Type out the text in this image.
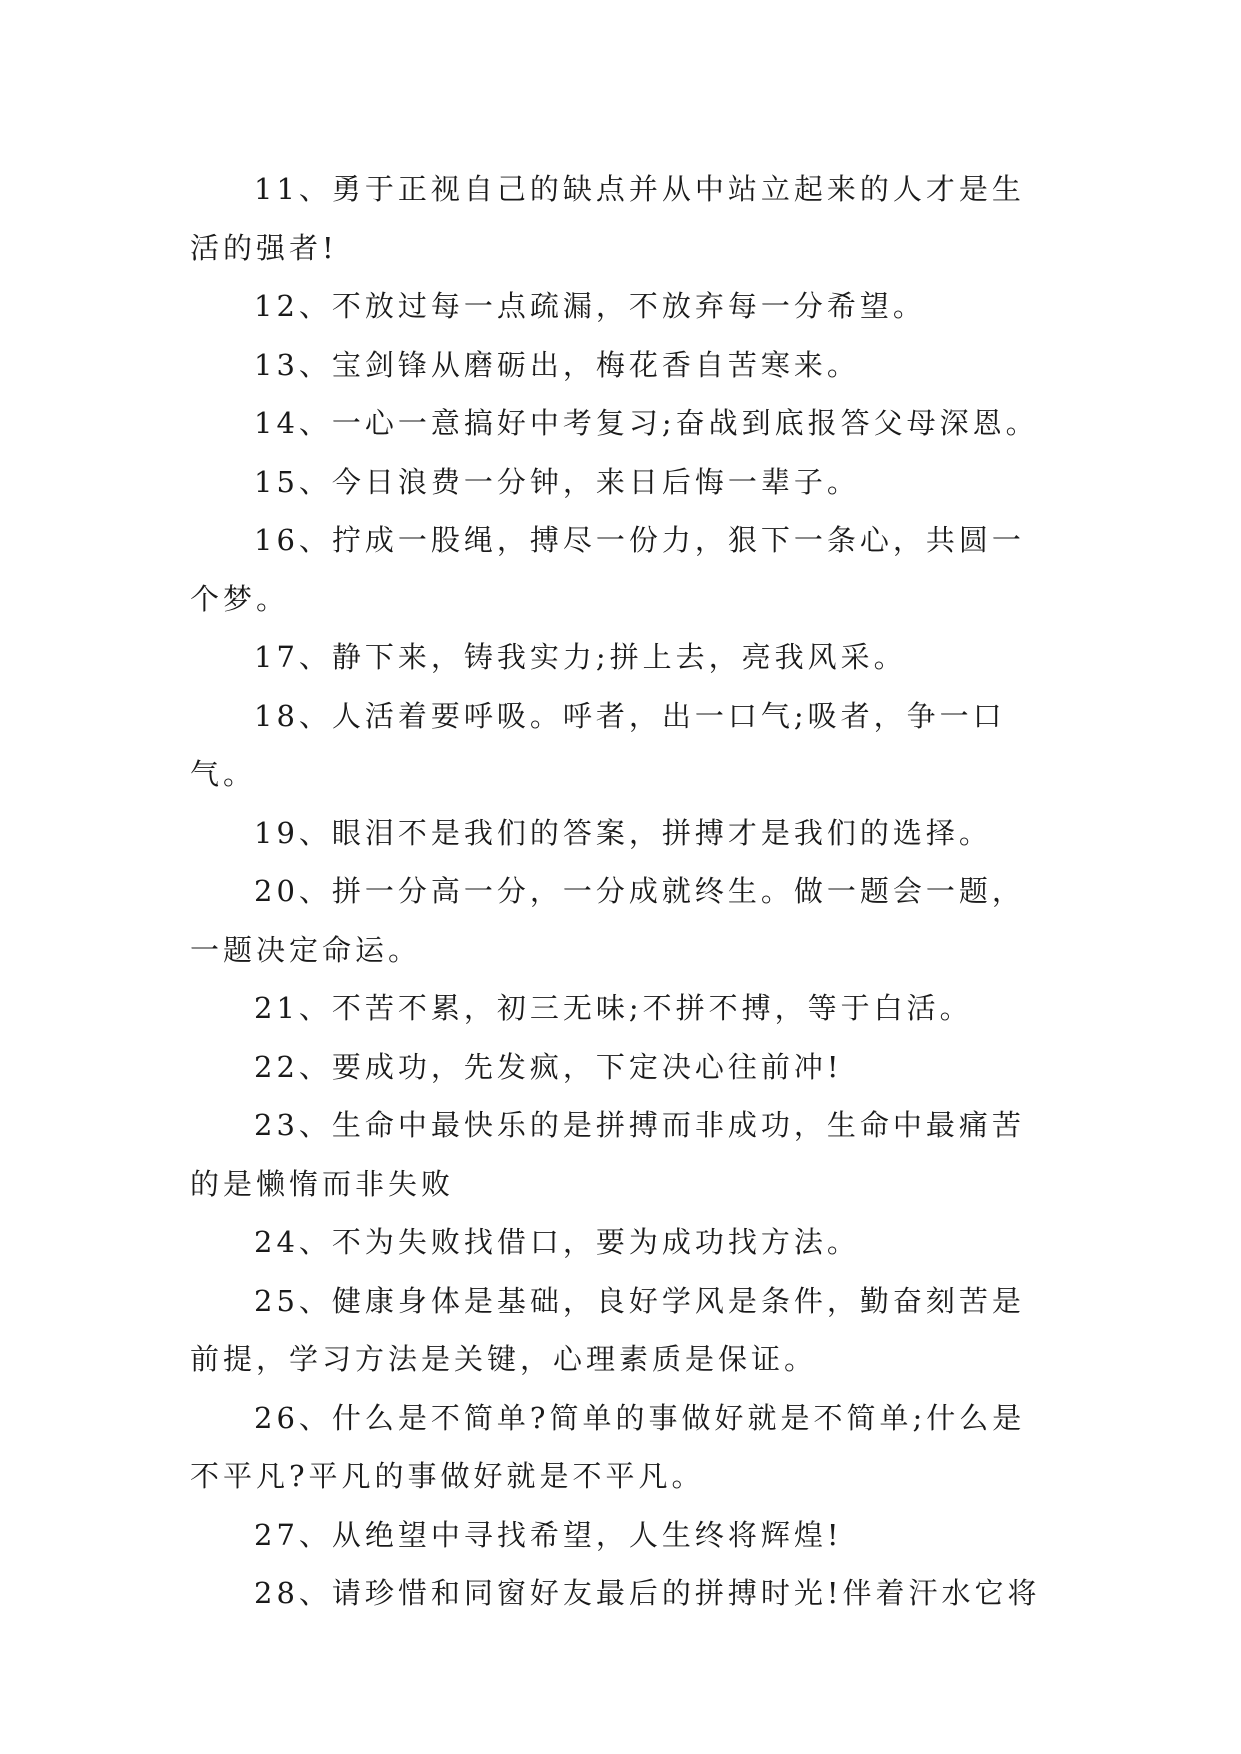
11、勇于正视自己的缺点并从中站立起来的人才是生活的强者!

12、不放过每一点疏漏，不放弃每一分希望。

13、宝剑锋从磨砺出，梅花香自苦寒来。

14、一心一意搞好中考复习;奋战到底报答父母深恩。

15、今日浪费一分钟，来日后悔一辈子。

16、拧成一股绳，搏尽一份力，狠下一条心，共圆一个梦。

17、静下来，铸我实力;拼上去，亮我风采。

18、人活着要呼吸。呼者，出一口气;吸者，争一口气。

19、眼泪不是我们的答案，拼搏才是我们的选择。

20、拼一分高一分，一分成就终生。做一题会一题，一题决定命运。

21、不苦不累，初三无味;不拼不搏，等于白活。

22、要成功，先发疯，下定决心往前冲!

23、生命中最快乐的是拼搏而非成功，生命中最痛苦的是懒惰而非失败

24、不为失败找借口，要为成功找方法。

25、健康身体是基础，良好学风是条件，勤奋刻苦是前提，学习方法是关键，心理素质是保证。

26、什么是不简单?简单的事做好就是不简单;什么是不平凡?平凡的事做好就是不平凡。

27、从绝望中寻找希望，人生终将辉煌!

28、请珍惜和同窗好友最后的拼搏时光!伴着汗水它将
